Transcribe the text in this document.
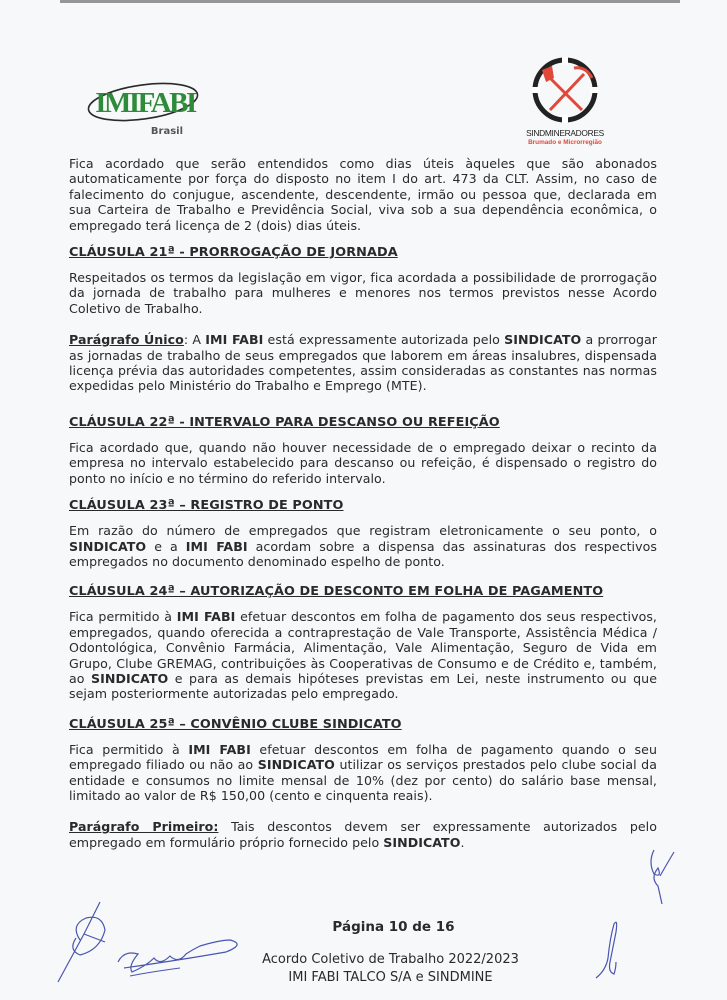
IMIFABI
Brasil	SINDMINERADORES
Brumado e Microrregião

Fica acordado que serão entendidos como dias úteis àqueles que são abonados automaticamente por força do disposto no item I do art. 473 da CLT. Assim, no caso de falecimento do conjugue, ascendente, descendente, irmão ou pessoa que, declarada em sua Carteira de Trabalho e Previdência Social, viva sob a sua dependência econômica, o empregado terá licença de 2 (dois) dias úteis.

CLÁUSULA 21ª - PRORROGAÇÃO DE JORNADA

Respeitados os termos da legislação em vigor, fica acordada a possibilidade de prorrogação da jornada de trabalho para mulheres e menores nos termos previstos nesse Acordo Coletivo de Trabalho.

Parágrafo Único: A IMI FABI está expressamente autorizada pelo SINDICATO a prorrogar as jornadas de trabalho de seus empregados que laborem em áreas insalubres, dispensada licença prévia das autoridades competentes, assim consideradas as constantes nas normas expedidas pelo Ministério do Trabalho e Emprego (MTE).

CLÁUSULA 22ª - INTERVALO PARA DESCANSO OU REFEIÇÃO

Fica acordado que, quando não houver necessidade de o empregado deixar o recinto da empresa no intervalo estabelecido para descanso ou refeição, é dispensado o registro do ponto no início e no término do referido intervalo.

CLÁUSULA 23ª – REGISTRO DE PONTO

Em razão do número de empregados que registram eletronicamente o seu ponto, o SINDICATO e a IMI FABI acordam sobre a dispensa das assinaturas dos respectivos empregados no documento denominado espelho de ponto.

CLÁUSULA 24ª – AUTORIZAÇÃO DE DESCONTO EM FOLHA DE PAGAMENTO

Fica permitido à IMI FABI efetuar descontos em folha de pagamento dos seus respectivos, empregados, quando oferecida a contraprestação de Vale Transporte, Assistência Médica / Odontológica, Convênio Farmácia, Alimentação, Vale Alimentação, Seguro de Vida em Grupo, Clube GREMAG, contribuições às Cooperativas de Consumo e de Crédito e, também, ao SINDICATO e para as demais hipóteses previstas em Lei, neste instrumento ou que sejam posteriormente autorizadas pelo empregado.

CLÁUSULA 25ª – CONVÊNIO CLUBE SINDICATO

Fica permitido à IMI FABI efetuar descontos em folha de pagamento quando o seu empregado filiado ou não ao SINDICATO utilizar os serviços prestados pelo clube social da entidade e consumos no limite mensal de 10% (dez por cento) do salário base mensal, limitado ao valor de R$ 150,00 (cento e cinquenta reais).

Parágrafo Primeiro: Tais descontos devem ser expressamente autorizados pelo empregado em formulário próprio fornecido pelo SINDICATO.

Página 10 de 16
Acordo Coletivo de Trabalho 2022/2023
IMI FABI TALCO S/A e SINDMINE
